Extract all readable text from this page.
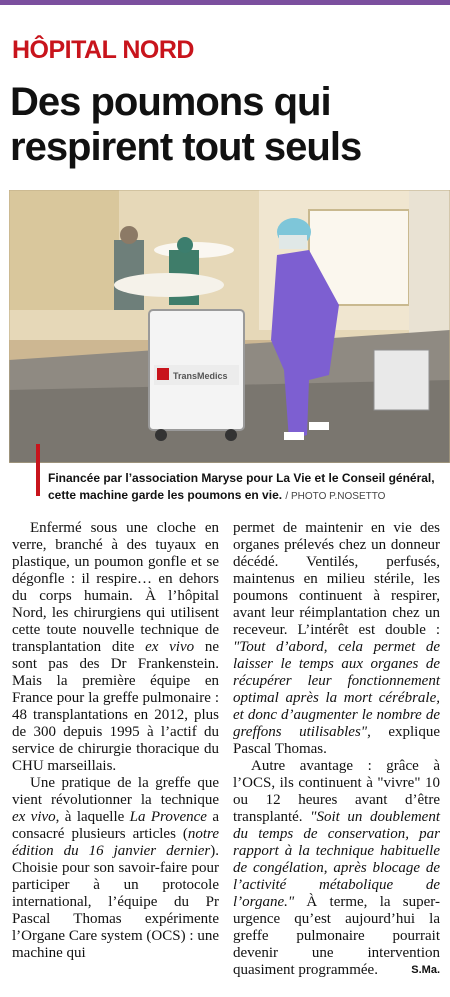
HÔPITAL NORD
Des poumons qui respirent tout seuls
TransMedics
Financée par l’association Maryse pour La Vie et le Conseil général, cette machine garde les poumons en vie. / PHOTO P.NOSETTO

Enfermé sous une cloche en verre, branché à des tuyaux en plastique, un poumon gonfle et se dégonfle : il respire… en dehors du corps humain. À l’hôpital Nord, les chirurgiens qui utilisent cette toute nouvelle technique de transplantation dite ex vivo ne sont pas des Dr Frankenstein. Mais la première équipe en France pour la greffe pulmonaire : 48 transplantations en 2012, plus de 300 depuis 1995 à l’actif du service de chirurgie thoracique du CHU marseillais.

Une pratique de la greffe que vient révolutionner la technique ex vivo, à laquelle La Provence a consacré plusieurs articles (notre édition du 16 janvier dernier). Choisie pour son savoir-faire pour participer à un protocole international, l’équipe du Pr Pascal Thomas expérimente l’Organe Care system (OCS) : une machine qui

permet de maintenir en vie des organes prélevés chez un donneur décédé. Ventilés, perfusés, maintenus en milieu stérile, les poumons continuent à respirer, avant leur réimplantation chez un receveur. L’intérêt est double : "Tout d’abord, cela permet de laisser le temps aux organes de récupérer leur fonctionnement optimal après la mort cérébrale, et donc d’augmenter le nombre de greffons utilisables", explique Pascal Thomas.

Autre avantage : grâce à l’OCS, ils continuent à "vivre" 10 ou 12 heures avant d’être transplanté. "Soit un doublement du temps de conservation, par rapport à la technique habituelle de congélation, après blocage de l’activité métabolique de l’organe." À terme, la super-urgence qu’est aujourd’hui la greffe pulmonaire pourrait devenir une intervention quasiment programmée.	S.Ma.
